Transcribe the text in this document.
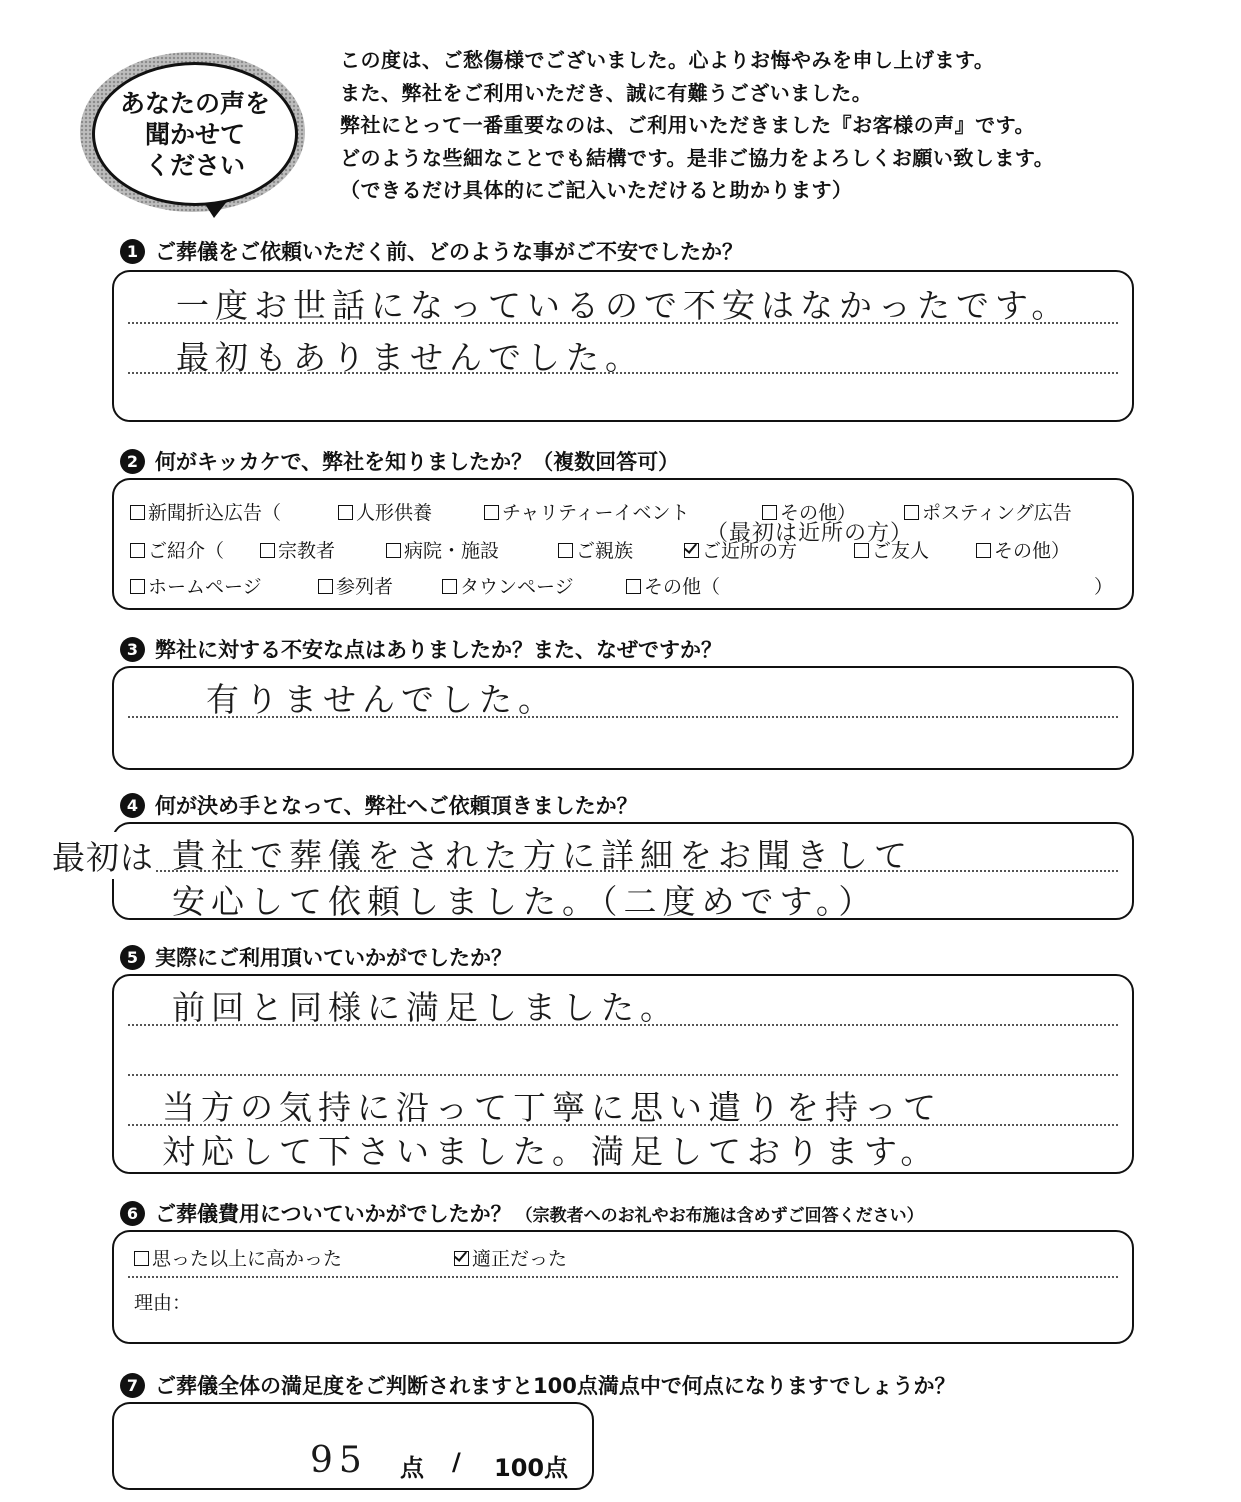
あなたの声を
聞かせて
ください
この度は、ご愁傷様でございました。心よりお悔やみを申し上げます。
また、弊社をご利用いただき、誠に有難うございました。
弊社にとって一番重要なのは、ご利用いただきました『お客様の声』です。
どのような些細なことでも結構です。是非ご協力をよろしくお願い致します。
（できるだけ具体的にご記入いただけると助かります）
1 ご葬儀をご依頼いただく前、どのような事がご不安でしたか？
一度お世話になっているので不安はなかったです。
最初もありませんでした。
2 何がキッカケで、弊社を知りましたか？（複数回答可）
新聞折込広告（	人形供養	チャリティーイベント	その他）	ポスティング広告
（最初は近所の方）
ご紹介（	宗教者	病院・施設	ご親族	ご近所の方	ご友人	その他）
ホームページ	参列者	タウンページ	その他（	）
3 弊社に対する不安な点はありましたか？また、なぜですか？
有りませんでした。
4 何が決め手となって、弊社へご依頼頂きましたか？
貴社で葬儀をされた方に詳細をお聞きして
安心して依頼しました。（二度めです。）
最初は
5 実際にご利用頂いていかがでしたか？
前回と同様に満足しました。
当方の気持に沿って丁寧に思い遣りを持って
対応して下さいました。満足しております。
6 ご葬儀費用についていかがでしたか？ （宗教者へのお礼やお布施は含めずご回答ください）
思った以上に高かった	適正だった
理由：
7 ご葬儀全体の満足度をご判断されますと100点満点中で何点になりますでしょうか？
95 点 / 100点
